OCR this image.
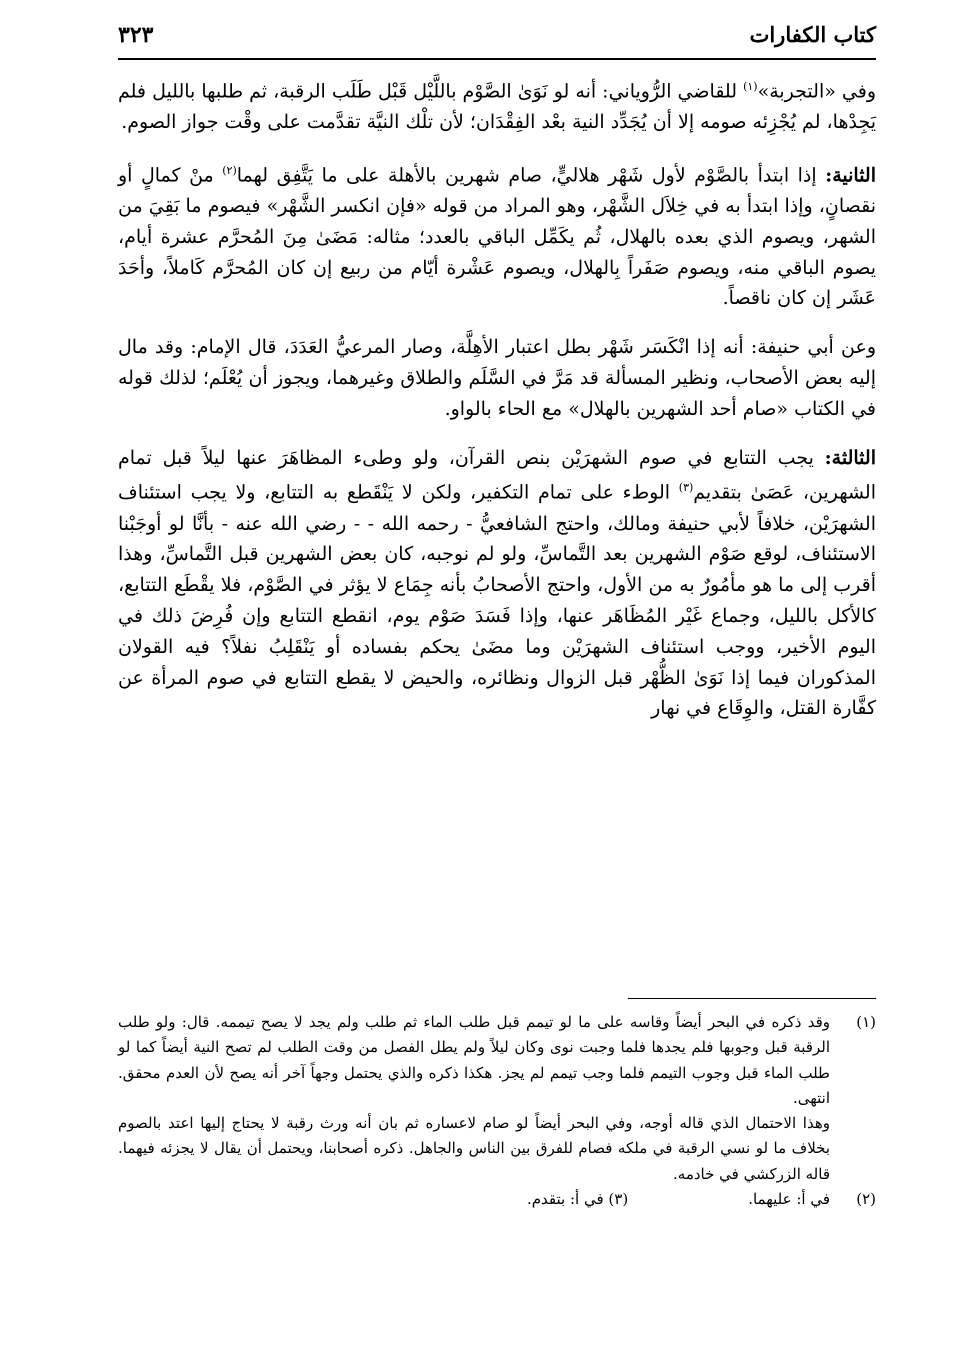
كتاب الكفارات
٣٢٣

وفي «التجربة»$^{(١)}$ للقاضي الرُّوياني: أنه لو نَوَىٰ الصَّوْم باللَّيْل قَبْل طَلَب الرقبة، ثم طلبها بالليل فلم يَجِدْها، لم يُجْزِئه صومه إلا أن يُجَدِّد النية بعْد الفِقْدَان؛ لأن تلْك النيَّة تقدَّمت على وقْت جواز الصوم.

الثانية: إذا ابتدأ بالصَّوْم لأول شَهْر هلاليٍّ، صام شهرين بالأهلة على ما يَتَّفِق لهما$^{(٢)}$ منْ كمالٍ أو نقصانٍ، وإذا ابتدأ به في خِلاَل الشَّهْر، وهو المراد من قوله «فإن انكسر الشَّهْر» فيصوم ما بَقِيَ من الشهر، ويصوم الذي بعده بالهلال، ثُم يكَمِّل الباقي بالعدد؛ مثاله: مَضَىٰ مِنَ المُحرَّم عشرة أيام، يصوم الباقي منه، ويصوم صَفَراً بِالهلال، ويصوم عَشْرة أيّام من ربيع إن كان المُحرَّم كَاملاً، وأحَدَ عَشَر إن كان ناقصاً.

وعن أبي حنيفة: أنه إذا انْكَسَر شَهْر بطل اعتبار الأهِلَّة، وصار المرعيُّ العَدَدَ، قال الإمام: وقد مال إليه بعض الأصحاب، ونظير المسألة قد مَرَّ في السَّلَم والطلاق وغيرهما، ويجوز أن يُعْلَم؛ لذلك قوله في الكتاب «صام أحد الشهرين بالهلال» مع الحاء بالواو.

الثالثة: يجب التتابع في صوم الشهرَيْن بنص القرآن، ولو وطىء المظاهَرَ عنها ليلاً قبل تمام الشهرين، عَصَىٰ بتقديم$^{(٣)}$ الوطء على تمام التكفير، ولكن لا يَنْقَطع به التتابع، ولا يجب استئناف الشهرَيْن، خلافاً لأبي حنيفة ومالك، واحتج الشافعيُّ - رحمه الله - - رضي الله عنه - بأنَّا لو أوجَبْنا الاستئناف، لوقع صَوْم الشهرين بعد التَّماسِّ، ولو لم نوجبه، كان بعض الشهرين قبل التَّماسِّ، وهذا أقرب إلى ما هو مأمُورٌ به من الأول، واحتج الأصحابُ بأنه جِمَاع لا يؤثر في الصَّوْم، فلا يقْطَع التتابع، كالأكل بالليل، وجماع غَيْر المُظَاهَر عنها، وإذا فَسَدَ صَوْم يوم، انقطع التتابع وإن فُرِضَ ذلك في اليوم الأخير، ووجب استئناف الشهرَيْن وما مضَىٰ يحكم بفساده أو يَنْقَلِبُ نفلاً؟ فيه القولان المذكوران فيما إذا نَوَىٰ الظُّهْر قبل الزوال ونظائره، والحيض لا يقطع التتابع في صوم المرأة عن كفَّارة القتل، والوِقَاع في نهار

(١)
وقد ذكره في البحر أيضاً وقاسه على ما لو تيمم قبل طلب الماء ثم طلب ولم يجد لا يصح تيممه. قال: ولو طلب الرقبة قبل وجوبها فلم يجدها فلما وجبت نوى وكان ليلاً ولم يطل الفصل من وقت الطلب لم تصح النية أيضاً كما لو طلب الماء قبل وجوب التيمم فلما وجب تيمم لم يجز. هكذا ذكره والذي يحتمل وجهاً آخر أنه يصح لأن العدم محقق. انتهى.

وهذا الاحتمال الذي قاله أوجه، وفي البحر أيضاً لو صام لاعساره ثم بان أنه ورث رقبة لا يحتاج إليها اعتد بالصوم بخلاف ما لو نسي الرقبة في ملكه فصام للفرق بين الناس والجاهل. ذكره أصحابنا، ويحتمل أن يقال لا يجزئه فيهما. قاله الزركشي في خادمه.

(٢)
في أ: عليهما.
(٣) في أ: بتقدم.
